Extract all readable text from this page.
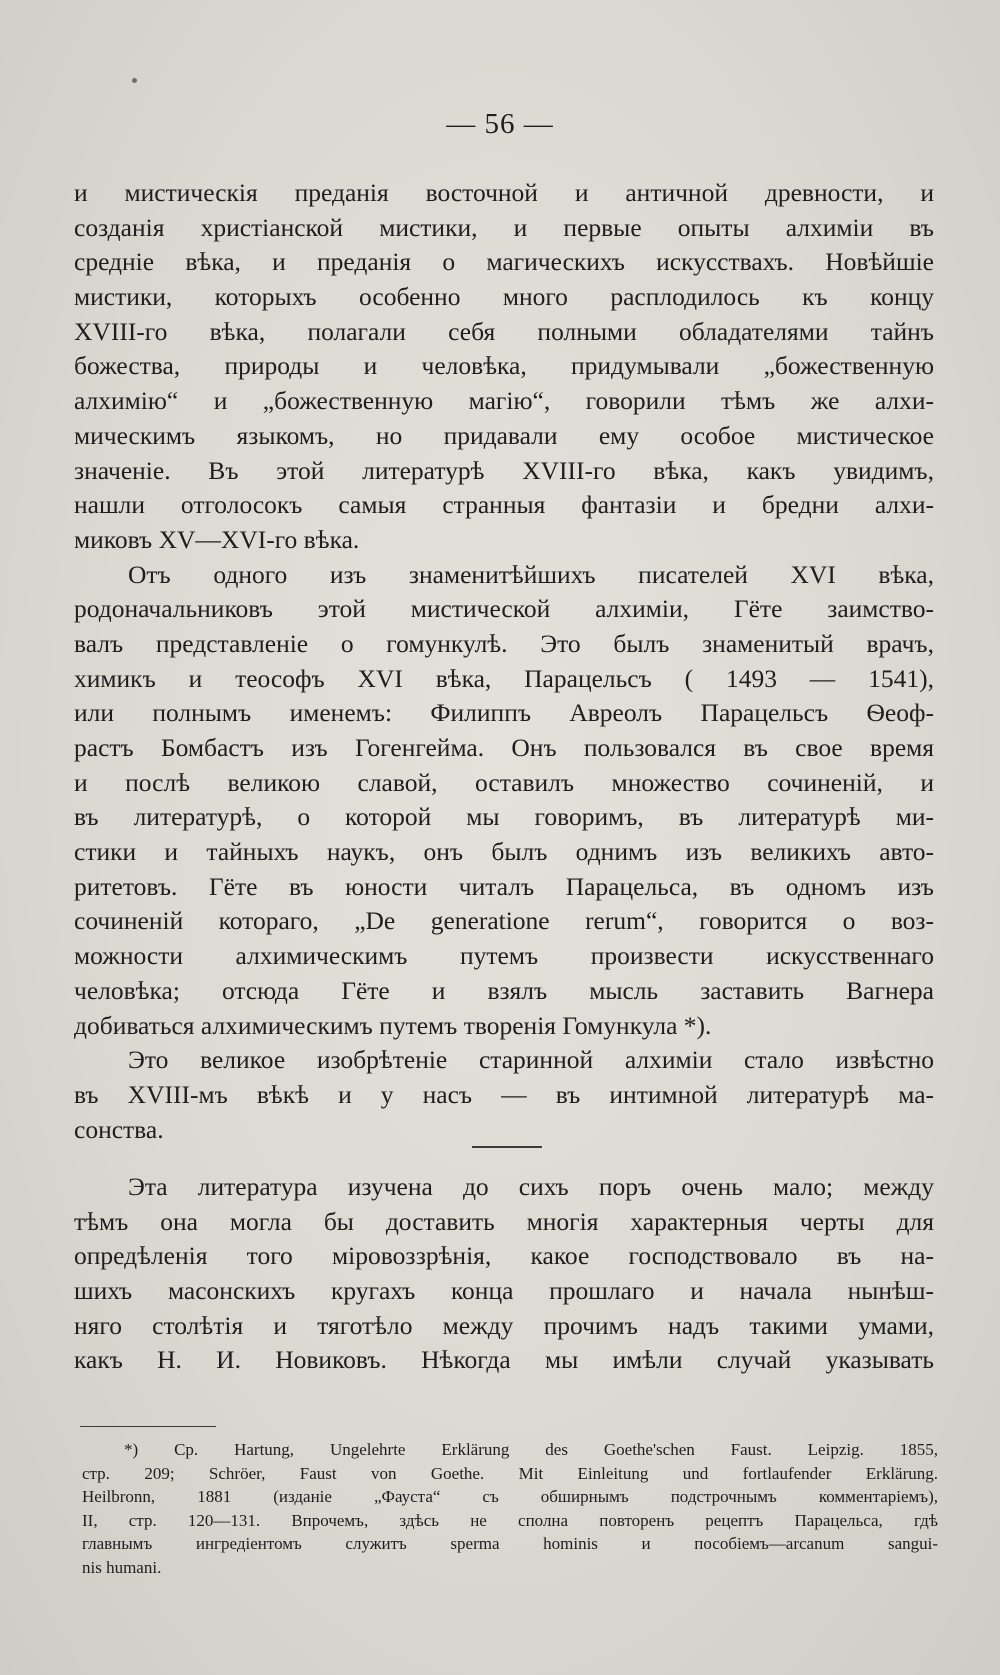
— 56 —
и мистическія преданія восточной и античной древности, и
созданія христіанской мистики, и первые опыты алхиміи въ
средніе вѣка, и преданія о магическихъ искусствахъ. Новѣйшіе
мистики, которыхъ особенно много расплодилось къ концу
XVIII-го вѣка, полагали себя полными обладателями тайнъ
божества, природы и человѣка, придумывали „божественную
алхимію“ и „божественную магію“, говорили тѣмъ же алхи-
мическимъ языкомъ, но придавали ему особое мистическое
значеніе. Въ этой литературѣ XVIII-го вѣка, какъ увидимъ,
нашли отголосокъ самыя странныя фантазіи и бредни алхи-
миковъ XV—XVI-го вѣка.
Отъ одного изъ знаменитѣйшихъ писателей XVI вѣка,
родоначальниковъ этой мистической алхиміи, Гёте заимство-
валъ представленіе о гомункулѣ. Это былъ знаменитый врачъ,
химикъ и теософъ XVI вѣка, Парацельсъ ( 1493 — 1541),
или полнымъ именемъ: Филиппъ Авреолъ Парацельсъ Ѳеоф-
растъ Бомбастъ изъ Гогенгейма. Онъ пользовался въ свое время
и послѣ великою славой, оставилъ множество сочиненій, и
въ литературѣ, о которой мы говоримъ, въ литературѣ ми-
стики и тайныхъ наукъ, онъ былъ однимъ изъ великихъ авто-
ритетовъ. Гёте въ юности читалъ Парацельса, въ одномъ изъ
сочиненій котораго, „De generatione rerum“, говорится о воз-
можности алхимическимъ путемъ произвести искусственнаго
человѣка; отсюда Гёте и взялъ мысль заставить Вагнера
добиваться алхимическимъ путемъ творенія Гомункула *).
Это великое изобрѣтеніе старинной алхиміи стало извѣстно
въ XVIII-мъ вѣкѣ и у насъ — въ интимной литературѣ ма-
сонства.
Эта литература изучена до сихъ поръ очень мало; между
тѣмъ она могла бы доставить многія характерныя черты для
опредѣленія того міровоззрѣнія, какое господствовало въ на-
шихъ масонскихъ кругахъ конца прошлаго и начала нынѣш-
няго столѣтія и тяготѣло между прочимъ надъ такими умами,
какъ Н. И. Новиковъ. Нѣкогда мы имѣли случай указывать
*) Ср. Hartung, Ungelehrte Erklärung des Goethe'schen Faust. Leipzig. 1855,
стр. 209; Schröer, Faust von Goethe. Mit Einleitung und fortlaufender Erklärung.
Heilbronn, 1881 (изданіе „Фауста“ съ обширнымъ подстрочнымъ комментаріемъ),
II, стр. 120—131. Впрочемъ, здѣсь не сполна повторенъ рецептъ Парацельса, гдѣ
главнымъ ингредіентомъ служитъ sperma hominis и пособіемъ—arcanum sangui-
nis humani.
